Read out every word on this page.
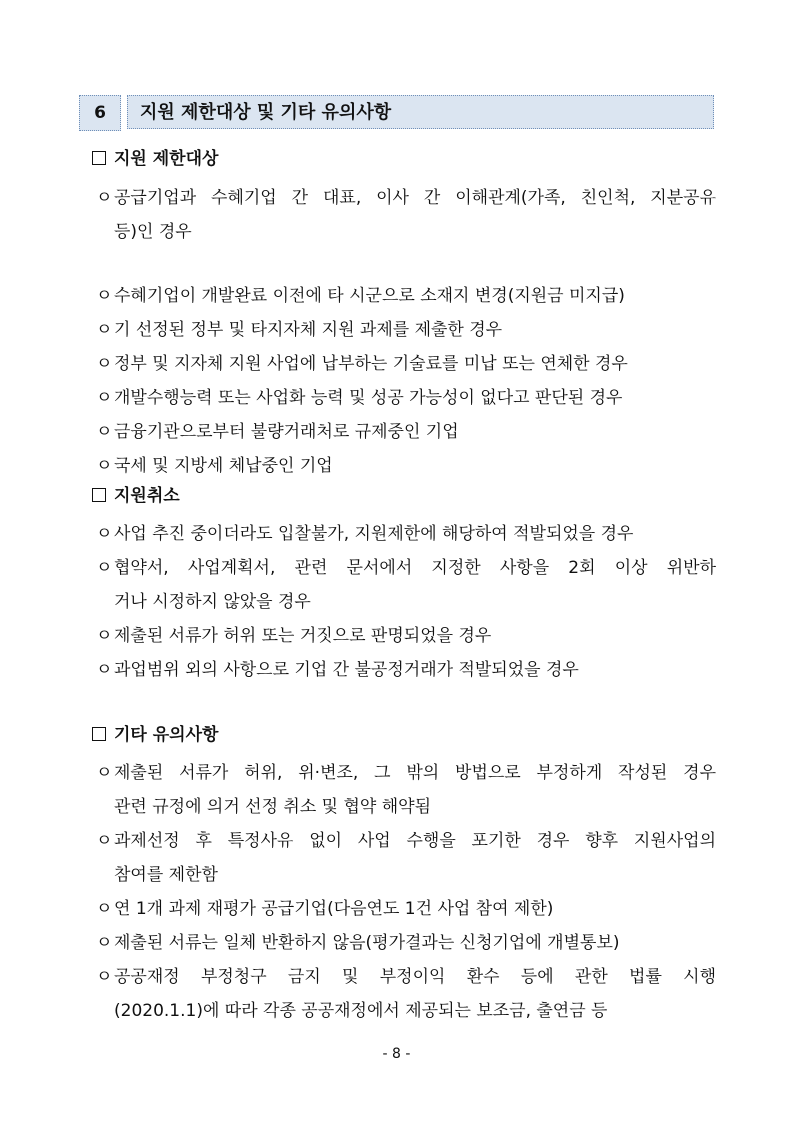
6	지원 제한대상 및 기타 유의사항
지원 제한대상
ㅇ 공급기업과 수혜기업 간 대표, 이사 간 이해관계(가족, 친인척, 지분공유
등)인 경우
ㅇ 수혜기업이 개발완료 이전에 타 시군으로 소재지 변경(지원금 미지급)
ㅇ 기 선정된 정부 및 타지자체 지원 과제를 제출한 경우
ㅇ 정부 및 지자체 지원 사업에 납부하는 기술료를 미납 또는 연체한 경우
ㅇ 개발수행능력 또는 사업화 능력 및 성공 가능성이 없다고 판단된 경우
ㅇ 금융기관으로부터 불량거래처로 규제중인 기업
ㅇ 국세 및 지방세 체납중인 기업
지원취소
ㅇ 사업 추진 중이더라도 입찰불가, 지원제한에 해당하여 적발되었을 경우
ㅇ 협약서, 사업계획서, 관련 문서에서 지정한 사항을 2회 이상 위반하
거나 시정하지 않았을 경우
ㅇ 제출된 서류가 허위 또는 거짓으로 판명되었을 경우
ㅇ 과업범위 외의 사항으로 기업 간 불공정거래가 적발되었을 경우
기타 유의사항
ㅇ 제출된 서류가 허위, 위·변조, 그 밖의 방법으로 부정하게 작성된 경우
관련 규정에 의거 선정 취소 및 협약 해약됨
ㅇ 과제선정 후 특정사유 없이 사업 수행을 포기한 경우 향후 지원사업의
참여를 제한함
ㅇ 연 1개 과제 재평가 공급기업(다음연도 1건 사업 참여 제한)
ㅇ 제출된 서류는 일체 반환하지 않음(평가결과는 신청기업에 개별통보)
ㅇ 공공재정 부정청구 금지 및 부정이익 환수 등에 관한 법률 시행
(2020.1.1)에 따라 각종 공공재정에서 제공되는 보조금, 출연금 등
- 8 -
